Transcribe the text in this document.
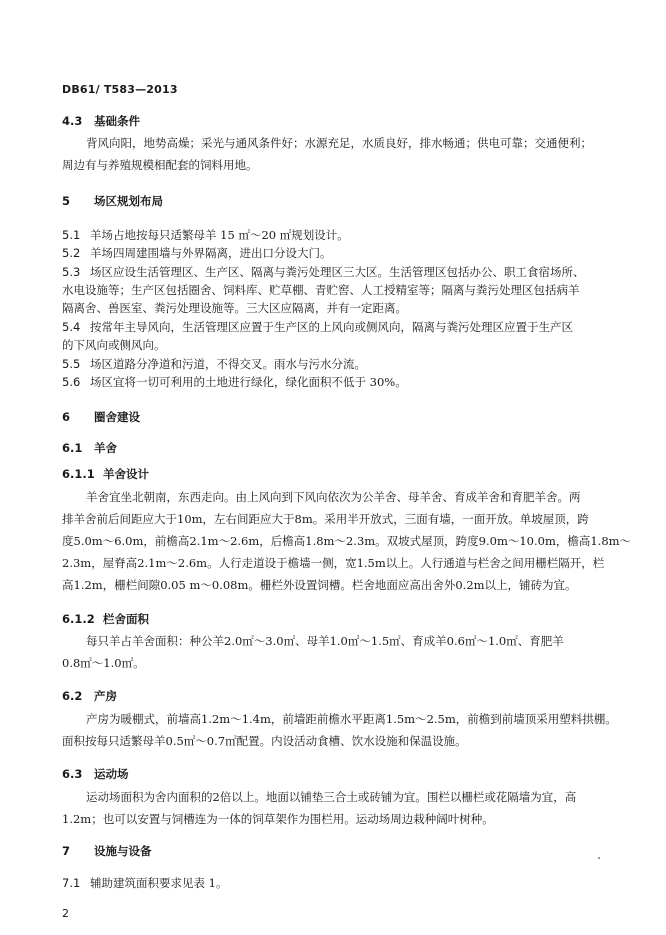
DB61/ T583—2013
4.3 基础条件
背风向阳，地势高燥；采光与通风条件好；水源充足，水质良好，排水畅通；供电可靠；交通便利；
周边有与养殖规模相配套的饲料用地。
5 场区规划布局
5.1 羊场占地按每只适繁母羊 15 ㎡～20 ㎡规划设计。
5.2 羊场四周建围墙与外界隔离，进出口分设大门。
5.3 场区应设生活管理区、生产区、隔离与粪污处理区三大区。生活管理区包括办公、职工食宿场所、
水电设施等；生产区包括圈舍、饲料库、贮草棚、青贮窖、人工授精室等；隔离与粪污处理区包括病羊
隔离舍、兽医室、粪污处理设施等。三大区应隔离，并有一定距离。
5.4 按常年主导风向，生活管理区应置于生产区的上风向或侧风向，隔离与粪污处理区应置于生产区
的下风向或侧风向。
5.5 场区道路分净道和污道，不得交叉。雨水与污水分流。
5.6 场区宜将一切可利用的土地进行绿化，绿化面积不低于 30%。
6 圈舍建设
6.1 羊舍
6.1.1 羊舍设计
羊舍宜坐北朝南，东西走向。由上风向到下风向依次为公羊舍、母羊舍、育成羊舍和育肥羊舍。两
排羊舍前后间距应大于10m，左右间距应大于8m。采用半开放式，三面有墙，一面开放。单坡屋顶，跨
度5.0m～6.0m，前檐高2.1m～2.6m，后檐高1.8m～2.3m。双坡式屋顶，跨度9.0m～10.0m，檐高1.8m～
2.3m，屋脊高2.1m～2.6m。人行走道设于檐墙一侧，宽1.5m以上。人行通道与栏舍之间用栅栏隔开，栏
高1.2m，栅栏间隙0.05 m～0.08m。栅栏外设置饲槽。栏舍地面应高出舍外0.2m以上，铺砖为宜。
6.1.2 栏舍面积
每只羊占羊舍面积：种公羊2.0㎡～3.0㎡、母羊1.0㎡～1.5㎡、育成羊0.6㎡～1.0㎡、育肥羊
0.8㎡～1.0㎡。
6.2 产房
产房为暖棚式，前墙高1.2m～1.4m，前墙距前檐水平距离1.5m～2.5m，前檐到前墙顶采用塑料拱棚。
面积按每只适繁母羊0.5㎡～0.7㎡配置。内设活动食槽、饮水设施和保温设施。
6.3 运动场
运动场面积为舍内面积的2倍以上。地面以铺垫三合土或砖铺为宜。围栏以栅栏或花隔墙为宜，高
1.2m；也可以安置与饲槽连为一体的饲草架作为围栏用。运动场周边栽种阔叶树种。
7 设施与设备
7.1 辅助建筑面积要求见表 1。
2
